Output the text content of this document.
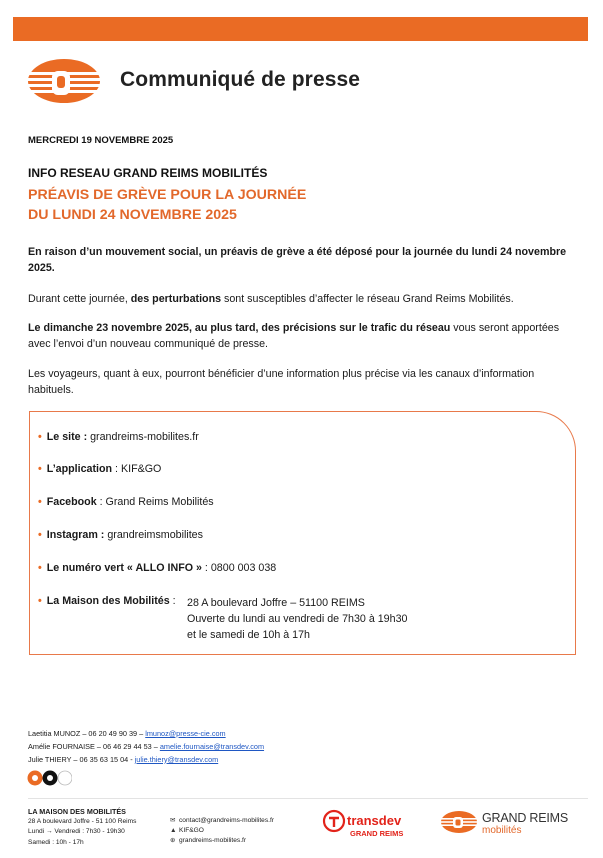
Communiqué de presse
MERCREDI 19 NOVEMBRE 2025
INFO RESEAU GRAND REIMS MOBILITÉS
PRÉAVIS DE GRÈVE POUR LA JOURNÉE
DU LUNDI 24 NOVEMBRE 2025
En raison d’un mouvement social, un préavis de grève a été déposé pour la journée du lundi 24 novembre
2025.
Durant cette journée, des perturbations sont susceptibles d’affecter le réseau Grand Reims Mobilités.
Le dimanche 23 novembre 2025, au plus tard, des précisions sur le trafic du réseau vous seront apportées
avec l’envoi d’un nouveau communiqué de presse.
Les voyageurs, quant à eux, pourront bénéficier d’une information plus précise via les canaux d’information
habituels.
• Le site : grandreims-mobilites.fr
• L’application : KIF&GO
• Facebook : Grand Reims Mobilités
• Instagram : grandreimsmobilites
• Le numéro vert « ALLO INFO » : 0800 003 038
• La Maison des Mobilités : 28 A boulevard Joffre – 51100 REIMS
Ouverte du lundi au vendredi de 7h30 à 19h30
et le samedi de 10h à 17h
Laetitia MUNOZ – 06 20 49 90 39 – lmunoz@presse-cie.com
Amélie FOURNAISE – 06 46 29 44 53 – amelie.fournaise@transdev.com
Julie THIERY – 06 35 63 15 04 - julie.thiery@transdev.com
LA MAISON DES MOBILITÉS
28 A boulevard Joffre - 51 100 Reims
Lundi → Vendredi : 7h30 - 19h30
Samedi : 10h - 17h
✉ contact@grandreims-mobilites.fr
▲ KIF&GO
⊕ grandreims-mobilites.fr
transdev
GRAND REIMS
GRAND REIMS
mobilités
